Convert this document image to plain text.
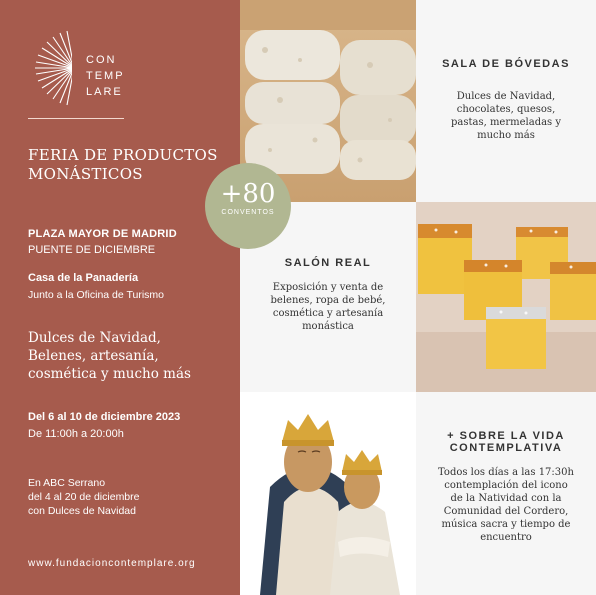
CON
TEMP
LARE
FERIA DE PRODUCTOS
MONÁSTICOS
PLAZA MAYOR DE MADRID
PUENTE DE DICIEMBRE
Casa de la Panadería
Junto a la Oficina de Turismo
Dulces de Navidad,
Belenes, artesanía,
cosmética y mucho más
Del 6 al 10 de diciembre 2023
De 11:00h a 20:00h
En ABC Serrano
del 4 al 20 de diciembre
con Dulces de Navidad
www.fundacioncontemplare.org
SALA DE BÓVEDAS
Dulces de Navidad,
chocolates, quesos,
pastas, mermeladas y
mucho más
SALÓN REAL
Exposición y venta de
belenes, ropa de bebé,
cosmética y artesanía
monástica
+ SOBRE LA VIDA
CONTEMPLATIVA
Todos los días a las 17:30h
contemplación del icono
de la Natividad con la
Comunidad del Cordero,
música sacra y tiempo de
encuentro
+80
CONVENTOS
